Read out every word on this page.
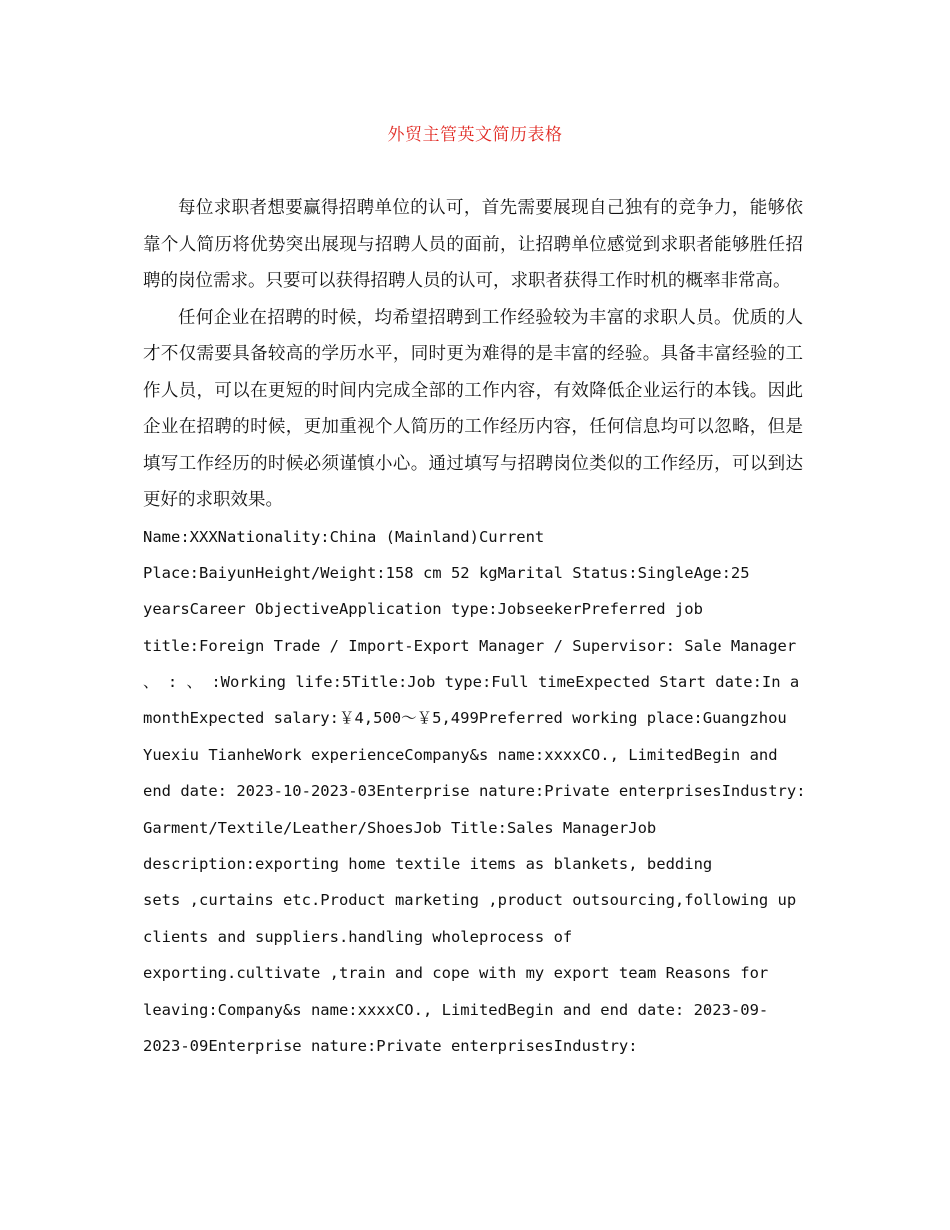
外贸主管英文简历表格

每位求职者想要赢得招聘单位的认可，首先需要展现自己独有的竞争力，能够依靠个人简历将优势突出展现与招聘人员的面前，让招聘单位感觉到求职者能够胜任招聘的岗位需求。只要可以获得招聘人员的认可，求职者获得工作时机的概率非常高。

任何企业在招聘的时候，均希望招聘到工作经验较为丰富的求职人员。优质的人才不仅需要具备较高的学历水平，同时更为难得的是丰富的经验。具备丰富经验的工作人员，可以在更短的时间内完成全部的工作内容，有效降低企业运行的本钱。因此企业在招聘的时候，更加重视个人简历的工作经历内容，任何信息均可以忽略，但是填写工作经历的时候必须谨慎小心。通过填写与招聘岗位类似的工作经历，可以到达更好的求职效果。

Name:XXXNationality:China (Mainland)Current
Place:BaiyunHeight/Weight:158 cm 52 kgMarital Status:SingleAge:25
yearsCareer ObjectiveApplication type:JobseekerPreferred job
title:Foreign Trade / Import-Export Manager / Supervisor: Sale Manager
、 : 、 :Working life:5Title:Job type:Full timeExpected Start date:In a
monthExpected salary:￥4,500～￥5,499Preferred working place:Guangzhou
Yuexiu TianheWork experienceCompany&s name:xxxxCO., LimitedBegin and
end date: 2023-10-2023-03Enterprise nature:Private enterprisesIndustry:
Garment/Textile/Leather/ShoesJob Title:Sales ManagerJob
description:exporting home textile items as blankets, bedding
sets ,curtains etc.Product marketing ,product outsourcing,following up
clients and suppliers.handling wholeprocess of
exporting.cultivate ,train and cope with my export team Reasons for
leaving:Company&s name:xxxxCO., LimitedBegin and end date: 2023-09-
2023-09Enterprise nature:Private enterprisesIndustry:
